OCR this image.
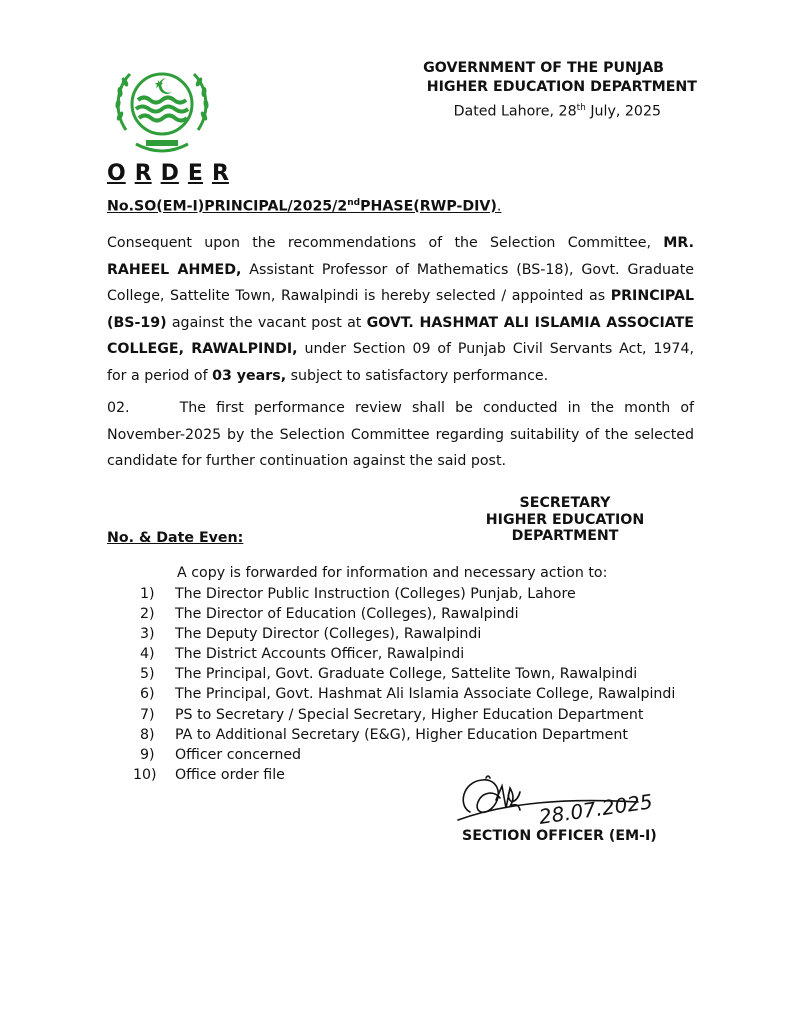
GOVERNMENT OF THE PUNJAB
HIGHER EDUCATION DEPARTMENT
Dated Lahore, 28th July, 2025
O R D E R
No.SO(EM-I)PRINCIPAL/2025/2ndPHASE(RWP-DIV).
Consequent upon the recommendations of the Selection Committee, MR. RAHEEL AHMED, Assistant Professor of Mathematics (BS-18), Govt. Graduate College, Sattelite Town, Rawalpindi is hereby selected / appointed as PRINCIPAL (BS-19) against the vacant post at GOVT. HASHMAT ALI ISLAMIA ASSOCIATE COLLEGE, RAWALPINDI, under Section 09 of Punjab Civil Servants Act, 1974, for a period of 03 years, subject to satisfactory performance.
02.	The first performance review shall be conducted in the month of November-2025 by the Selection Committee regarding suitability of the selected candidate for further continuation against the said post.
SECRETARY
HIGHER EDUCATION DEPARTMENT
No. & Date Even:
A copy is forwarded for information and necessary action to:
1)	The Director Public Instruction (Colleges) Punjab, Lahore
2)	The Director of Education (Colleges), Rawalpindi
3)	The Deputy Director (Colleges), Rawalpindi
4)	The District Accounts Officer, Rawalpindi
5)	The Principal, Govt. Graduate College, Sattelite Town, Rawalpindi
6)	The Principal, Govt. Hashmat Ali Islamia Associate College, Rawalpindi
7)	PS to Secretary / Special Secretary, Higher Education Department
8)	PA to Additional Secretary (E&G), Higher Education Department
9)	Officer concerned
10)	Office order file
28.07.2025
SECTION OFFICER (EM-I)
